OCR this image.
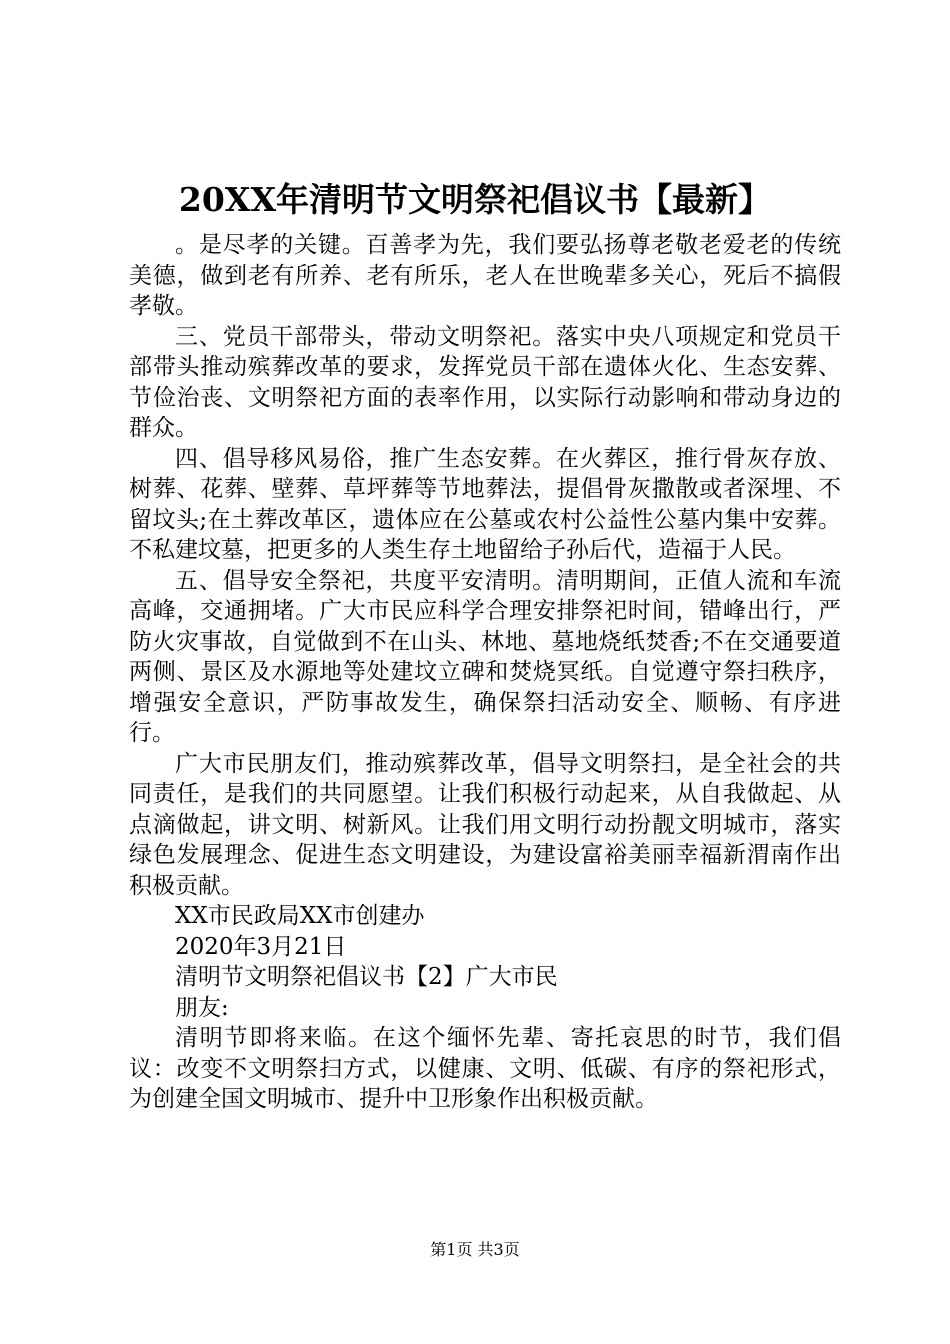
20XX年清明节文明祭祀倡议书【最新】

。是尽孝的关键。百善孝为先，我们要弘扬尊老敬老爱老的传统美德，做到老有所养、老有所乐，老人在世晚辈多关心，死后不搞假孝敬。

三、党员干部带头，带动文明祭祀。落实中央八项规定和党员干部带头推动殡葬改革的要求，发挥党员干部在遗体火化、生态安葬、节俭治丧、文明祭祀方面的表率作用，以实际行动影响和带动身边的群众。

四、倡导移风易俗，推广生态安葬。在火葬区，推行骨灰存放、树葬、花葬、壁葬、草坪葬等节地葬法，提倡骨灰撒散或者深埋、不留坟头;在土葬改革区，遗体应在公墓或农村公益性公墓内集中安葬。不私建坟墓，把更多的人类生存土地留给子孙后代，造福于人民。

五、倡导安全祭祀，共度平安清明。清明期间，正值人流和车流高峰，交通拥堵。广大市民应科学合理安排祭祀时间，错峰出行，严防火灾事故，自觉做到不在山头、林地、墓地烧纸焚香;不在交通要道两侧、景区及水源地等处建坟立碑和焚烧冥纸。自觉遵守祭扫秩序，增强安全意识，严防事故发生，确保祭扫活动安全、顺畅、有序进行。

广大市民朋友们，推动殡葬改革，倡导文明祭扫，是全社会的共同责任，是我们的共同愿望。让我们积极行动起来，从自我做起、从点滴做起，讲文明、树新风。让我们用文明行动扮靓文明城市，落实绿色发展理念、促进生态文明建设，为建设富裕美丽幸福新渭南作出积极贡献。

XX市民政局XX市创建办

2020年3月21日

清明节文明祭祀倡议书【2】广大市民

朋友:

清明节即将来临。在这个缅怀先辈、寄托哀思的时节，我们倡议：改变不文明祭扫方式，以健康、文明、低碳、有序的祭祀形式，为创建全国文明城市、提升中卫形象作出积极贡献。

第1页 共3页
